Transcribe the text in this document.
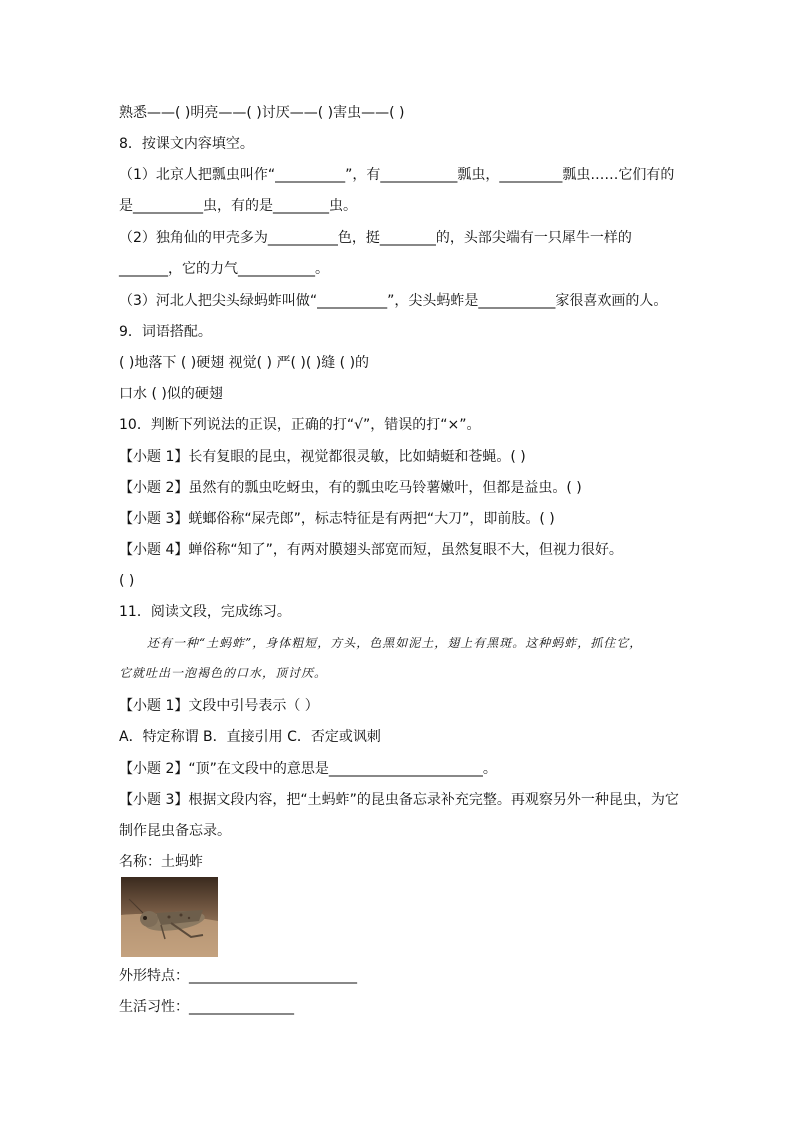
熟悉——( )明亮——( )讨厌——( )害虫——( )
8．按课文内容填空。
（1）北京人把瓢虫叫作“__________”，有___________瓢虫，_________瓢虫……它们有的
是__________虫，有的是________虫。
（2）独角仙的甲壳多为__________色，挺________的，头部尖端有一只犀牛一样的
_______，它的力气___________。
（3）河北人把尖头绿蚂蚱叫做“__________”，尖头蚂蚱是___________家很喜欢画的人。
9．词语搭配。
( )地落下 ( )硬翅 视觉( ) 严( )( )缝 ( )的
口水 ( )似的硬翅
10．判断下列说法的正误，正确的打“√”，错误的打“×”。
【小题 1】长有复眼的昆虫，视觉都很灵敏，比如蜻蜓和苍蝇。( )
【小题 2】虽然有的瓢虫吃蚜虫，有的瓢虫吃马铃薯嫩叶，但都是益虫。( )
【小题 3】蜣螂俗称“屎壳郎”，标志特征是有两把“大刀”，即前肢。( )
【小题 4】蝉俗称“知了”，有两对膜翅头部宽而短，虽然复眼不大，但视力很好。
( )
11．阅读文段，完成练习。
还有一种“土蚂蚱”，身体粗短，方头，色黑如泥土，翅上有黑斑。这种蚂蚱，抓住它，
它就吐出一泡褐色的口水，顶讨厌。
【小题 1】文段中引号表示（ ）
A．特定称谓 B．直接引用 C．否定或讽刺
【小题 2】“顶”在文段中的意思是______________________。
【小题 3】根据文段内容，把“土蚂蚱”的昆虫备忘录补充完整。再观察另外一种昆虫，为它
制作昆虫备忘录。
名称：土蚂蚱
外形特点：________________________
生活习性：_______________
